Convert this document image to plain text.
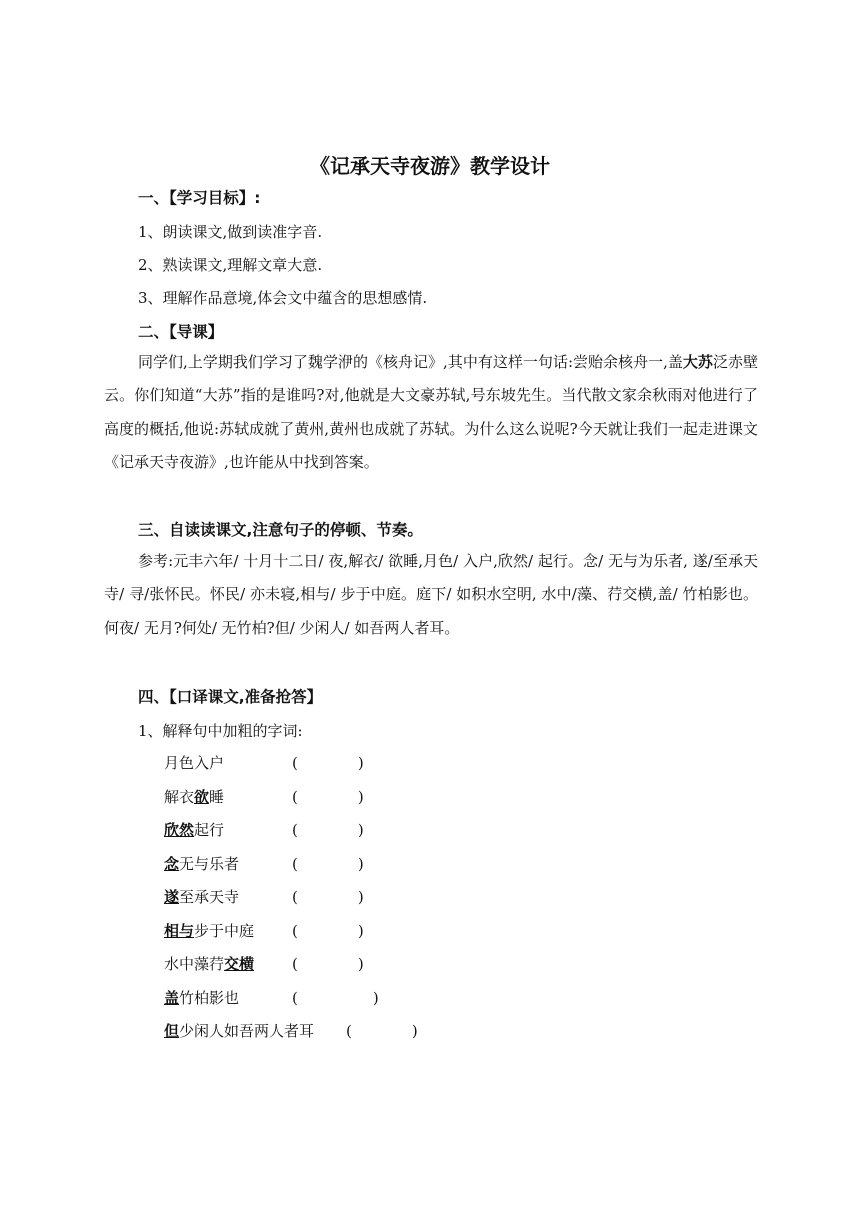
《记承天寺夜游》教学设计
一、【学习目标】:
1、朗读课文,做到读准字音.
2、熟读课文,理解文章大意.
3、理解作品意境,体会文中蕴含的思想感情.
二、【导课】
同学们,上学期我们学习了魏学洢的《核舟记》,其中有这样一句话:尝贻余核舟一,盖大苏泛赤壁云。你们知道“大苏”指的是谁吗?对,他就是大文豪苏轼,号东坡先生。当代散文家余秋雨对他进行了高度的概括,他说:苏轼成就了黄州,黄州也成就了苏轼。为什么这么说呢?今天就让我们一起走进课文《记承天寺夜游》,也许能从中找到答案。
三、自读读课文,注意句子的停顿、节奏。
参考:元丰六年/ 十月十二日/ 夜,解衣/ 欲睡,月色/ 入户,欣然/ 起行。念/ 无与为乐者, 遂/至承天寺/ 寻/张怀民。怀民/ 亦未寝,相与/ 步于中庭。庭下/ 如积水空明, 水中/藻、荇交横,盖/ 竹柏影也。何夜/ 无月?何处/ 无竹柏?但/ 少闲人/ 如吾两人者耳。
四、【口译课文,准备抢答】
1、解释句中加粗的字词:
月色入户	(　　　　)
解衣欲睡	(　　　　)
欣然起行	(　　　　)
念无与乐者	(　　　　)
遂至承天寺	(　　　　)
相与步于中庭	(　　　　)
水中藻荇交横	(　　　　)
盖竹柏影也	(　　　　　)
但少闲人如吾两人者耳 (　　　　)
